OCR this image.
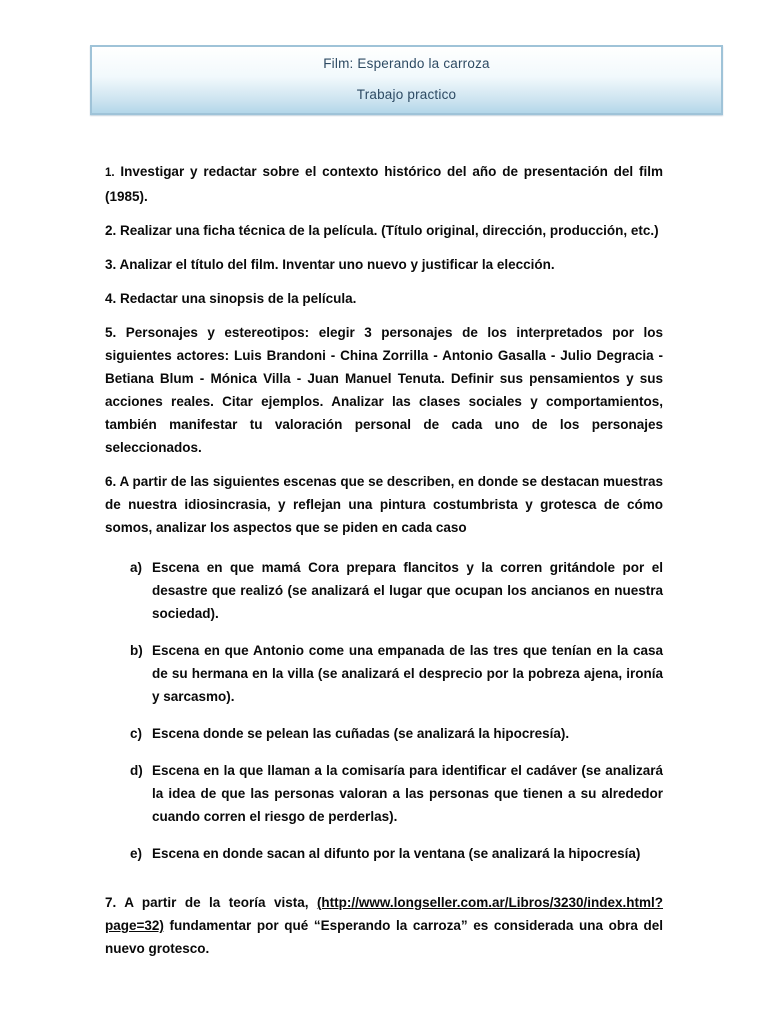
Film: Esperando la carroza
Trabajo practico

1. Investigar y redactar sobre el contexto histórico del año de presentación del film (1985).

2. Realizar una ficha técnica de la película. (Título original, dirección, producción, etc.)

3. Analizar el título del film. Inventar uno nuevo y justificar la elección.

4. Redactar una sinopsis de la película.

5. Personajes y estereotipos: elegir 3 personajes de los interpretados por los siguientes actores: Luis Brandoni - China Zorrilla - Antonio Gasalla - Julio Degracia - Betiana Blum - Mónica Villa - Juan Manuel Tenuta. Definir sus pensamientos y sus acciones reales. Citar ejemplos. Analizar las clases sociales y comportamientos, también manifestar tu valoración personal de cada uno de los personajes seleccionados.

6. A partir de las siguientes escenas que se describen, en donde se destacan muestras de nuestra idiosincrasia, y reflejan una pintura costumbrista y grotesca de cómo somos, analizar los aspectos que se piden en cada caso

a) Escena en que mamá Cora prepara flancitos y la corren gritándole por el desastre que realizó (se analizará el lugar que ocupan los ancianos en nuestra sociedad).
b) Escena en que Antonio come una empanada de las tres que tenían en la casa de su hermana en la villa (se analizará el desprecio por la pobreza ajena, ironía y sarcasmo).
c) Escena donde se pelean las cuñadas (se analizará la hipocresía).
d) Escena en la que llaman a la comisaría para identificar el cadáver (se analizará la idea de que las personas valoran a las personas que tienen a su alrededor cuando corren el riesgo de perderlas).
e) Escena en donde sacan al difunto por la ventana (se analizará la hipocresía)

7. A partir de la teoría vista, (http://www.longseller.com.ar/Libros/3230/index.html?page=32) fundamentar por qué “Esperando la carroza” es considerada una obra del nuevo grotesco.
